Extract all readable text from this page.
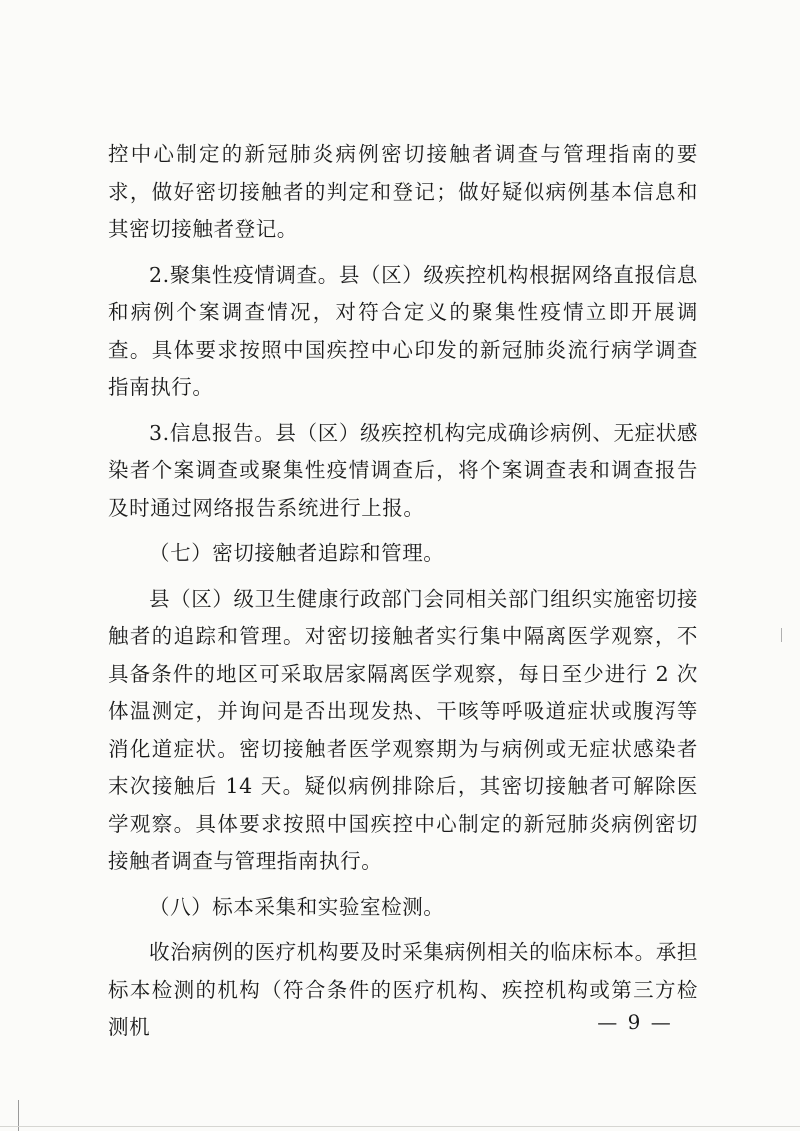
控中心制定的新冠肺炎病例密切接触者调查与管理指南的要求，做好密切接触者的判定和登记；做好疑似病例基本信息和其密切接触者登记。

2.聚集性疫情调查。县（区）级疾控机构根据网络直报信息和病例个案调查情况，对符合定义的聚集性疫情立即开展调查。具体要求按照中国疾控中心印发的新冠肺炎流行病学调查指南执行。

3.信息报告。县（区）级疾控机构完成确诊病例、无症状感染者个案调查或聚集性疫情调查后，将个案调查表和调查报告及时通过网络报告系统进行上报。

（七）密切接触者追踪和管理。

县（区）级卫生健康行政部门会同相关部门组织实施密切接触者的追踪和管理。对密切接触者实行集中隔离医学观察，不具备条件的地区可采取居家隔离医学观察，每日至少进行 2 次体温测定，并询问是否出现发热、干咳等呼吸道症状或腹泻等消化道症状。密切接触者医学观察期为与病例或无症状感染者末次接触后 14 天。疑似病例排除后，其密切接触者可解除医学观察。具体要求按照中国疾控中心制定的新冠肺炎病例密切接触者调查与管理指南执行。

（八）标本采集和实验室检测。

收治病例的医疗机构要及时采集病例相关的临床标本。承担标本检测的机构（符合条件的医疗机构、疾控机构或第三方检测机	— 9 —
